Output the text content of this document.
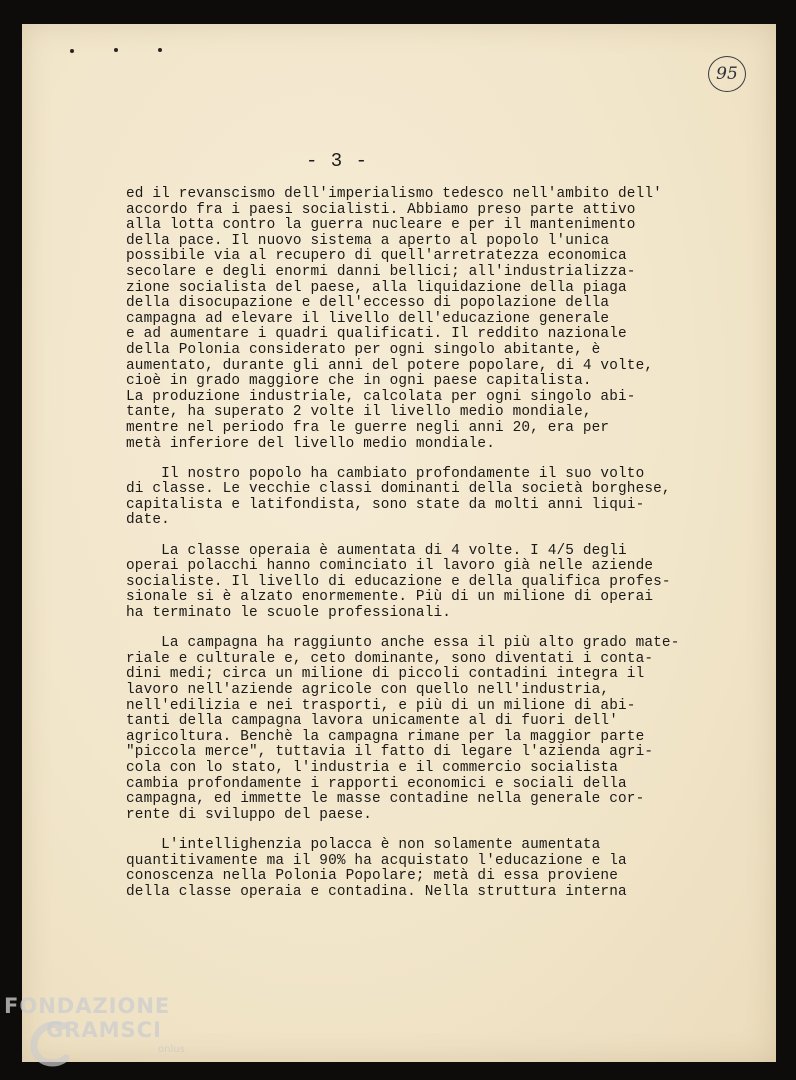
95
- 3 -
ed il revanscismo dell'imperialismo tedesco nell'ambito dell'
accordo fra i paesi socialisti. Abbiamo preso parte attivo
alla lotta contro la guerra nucleare e per il mantenimento
della pace. Il nuovo sistema a aperto al popolo l'unica
possibile via al recupero di quell'arretratezza economica
secolare e degli enormi danni bellici; all'industrializza-
zione socialista del paese, alla liquidazione della piaga
della disocupazione e dell'eccesso di popolazione della
campagna ad elevare il livello dell'educazione generale
e ad aumentare i quadri qualificati. Il reddito nazionale
della Polonia considerato per ogni singolo abitante, è
aumentato, durante gli anni del potere popolare, di 4 volte,
cioè in grado maggiore che in ogni paese capitalista.
La produzione industriale, calcolata per ogni singolo abi-
tante, ha superato 2 volte il livello medio mondiale,
mentre nel periodo fra le guerre negli anni 20, era per
metà inferiore del livello medio mondiale.
Il nostro popolo ha cambiato profondamente il suo volto
di classe. Le vecchie classi dominanti della società borghese,
capitalista e latifondista, sono state da molti anni liqui-
date.
La classe operaia è aumentata di 4 volte. I 4/5 degli
operai polacchi hanno cominciato il lavoro già nelle aziende
socialiste. Il livello di educazione e della qualifica profes-
sionale si è alzato enormemente. Più di un milione di operai
ha terminato le scuole professionali.
La campagna ha raggiunto anche essa il più alto grado mate-
riale e culturale e, ceto dominante, sono diventati i conta-
dini medi; circa un milione di piccoli contadini integra il
lavoro nell'aziende agricole con quello nell'industria,
nell'edilizia e nei trasporti, e più di un milione di abi-
tanti della campagna lavora unicamente al di fuori dell'
agricoltura. Benchè la campagna rimane per la maggior parte
"piccola merce", tuttavia il fatto di legare l'azienda agri-
cola con lo stato, l'industria e il commercio socialista
cambia profondamente i rapporti economici e sociali della
campagna, ed immette le masse contadine nella generale cor-
rente di sviluppo del paese.
L'intellighenzia polacca è non solamente aumentata
quantitivamente ma il 90% ha acquistato l'educazione e la
conoscenza nella Polonia Popolare; metà di essa proviene
della classe operaia e contadina. Nella struttura interna
FONDAZIONE
GRAMSCI
onlus
